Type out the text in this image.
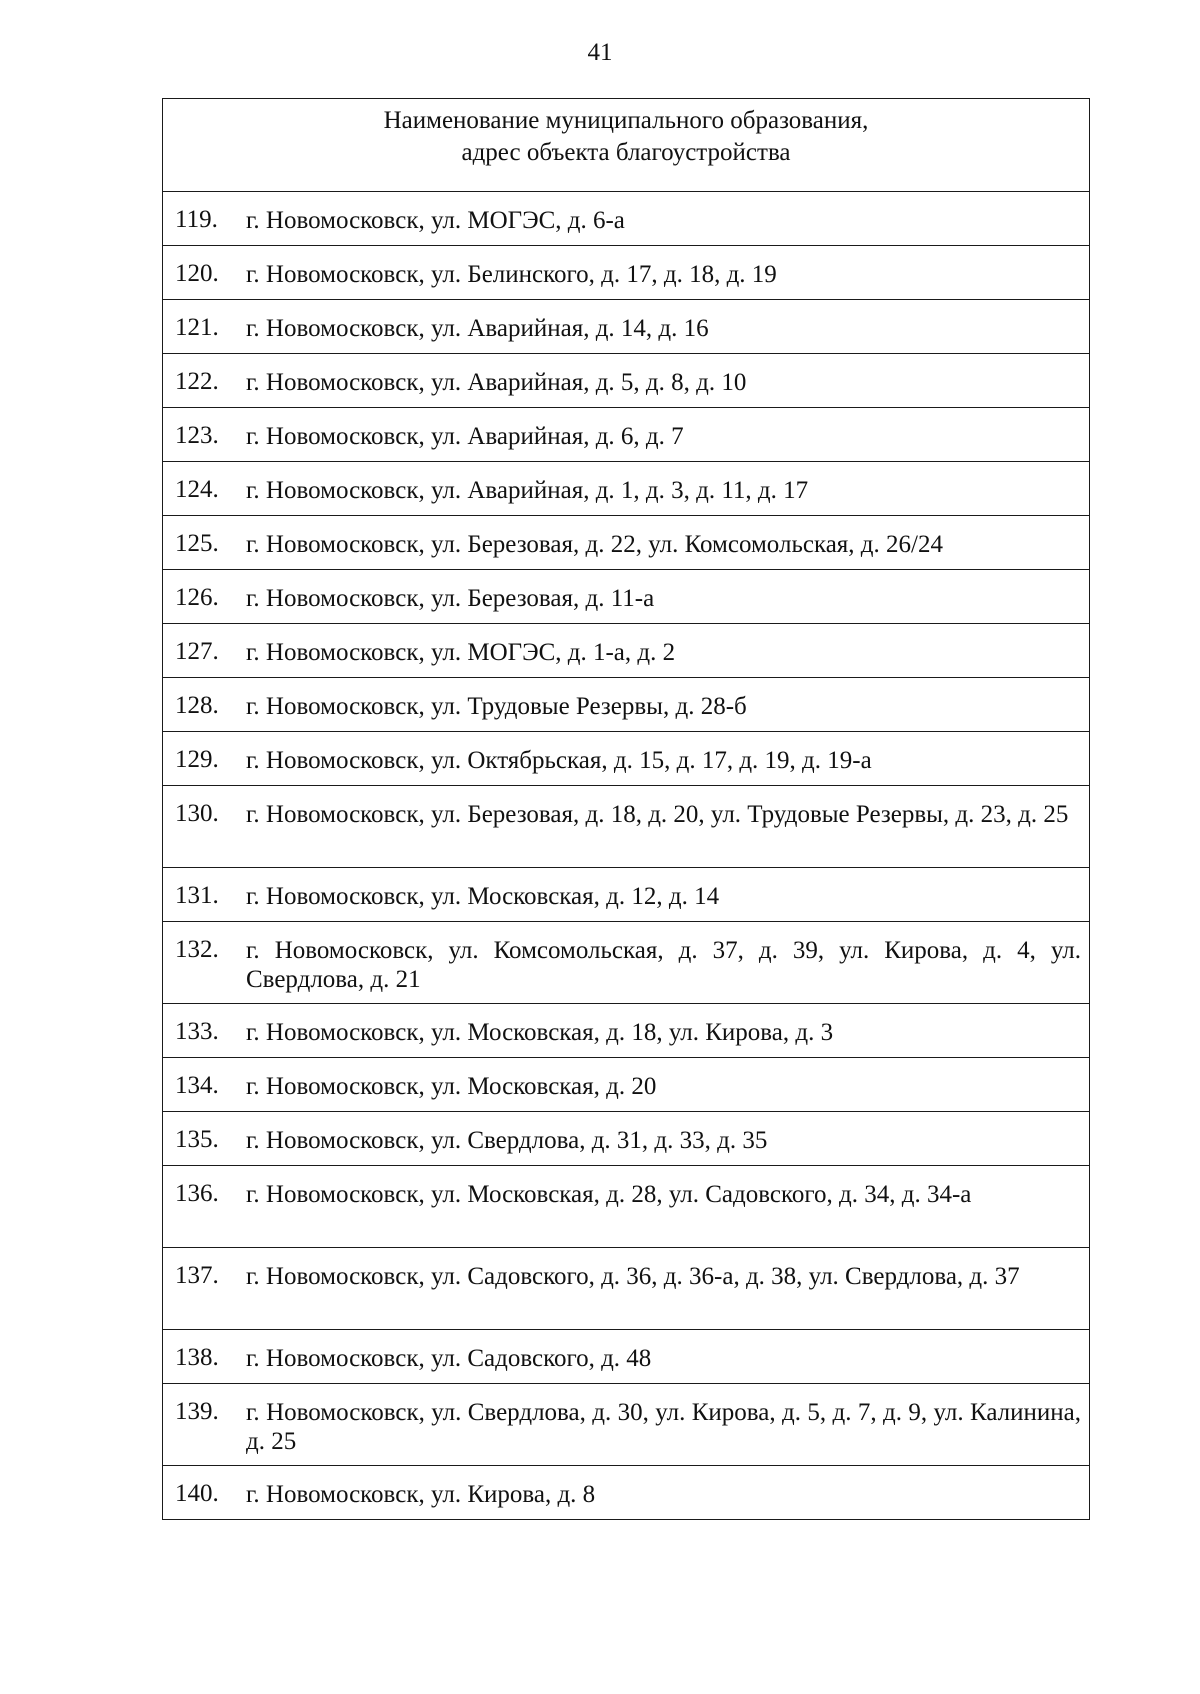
41
Наименование муниципального образования,
адрес объекта благоустройства

119.	г. Новомосковск, ул. МОГЭС, д. 6-а

120.	г. Новомосковск, ул. Белинского, д. 17, д. 18, д. 19

121.	г. Новомосковск, ул. Аварийная, д. 14, д. 16

122.	г. Новомосковск, ул. Аварийная, д. 5, д. 8, д. 10

123.	г. Новомосковск, ул. Аварийная, д. 6, д. 7

124.	г. Новомосковск, ул. Аварийная, д. 1, д. 3, д. 11, д. 17

125.	г. Новомосковск, ул. Березовая, д. 22, ул. Комсомольская, д. 26/24

126.	г. Новомосковск, ул. Березовая, д. 11-а

127.	г. Новомосковск, ул. МОГЭС, д. 1-а, д. 2

128.	г. Новомосковск, ул. Трудовые Резервы, д. 28-б

129.	г. Новомосковск, ул. Октябрьская, д. 15, д. 17, д. 19, д. 19-а

130.	г. Новомосковск, ул. Березовая, д. 18, д. 20, ул. Трудовые Резервы, д. 23, д. 25

131.	г. Новомосковск, ул. Московская, д. 12, д. 14

132.	г. Новомосковск, ул. Комсомольская, д. 37, д. 39, ул. Кирова, д. 4, ул. Свердлова, д. 21

133.	г. Новомосковск, ул. Московская, д. 18, ул. Кирова, д. 3

134.	г. Новомосковск, ул. Московская, д. 20

135.	г. Новомосковск, ул. Свердлова, д. 31, д. 33, д. 35

136.	г. Новомосковск, ул. Московская, д. 28, ул. Садовского, д. 34, д. 34-а

137.	г. Новомосковск, ул. Садовского, д. 36, д. 36-а, д. 38, ул. Свердлова, д. 37

138.	г. Новомосковск, ул. Садовского, д. 48

139.	г. Новомосковск, ул. Свердлова, д. 30, ул. Кирова, д. 5, д. 7, д. 9, ул. Калинина, д. 25

140.	г. Новомосковск, ул. Кирова, д. 8
